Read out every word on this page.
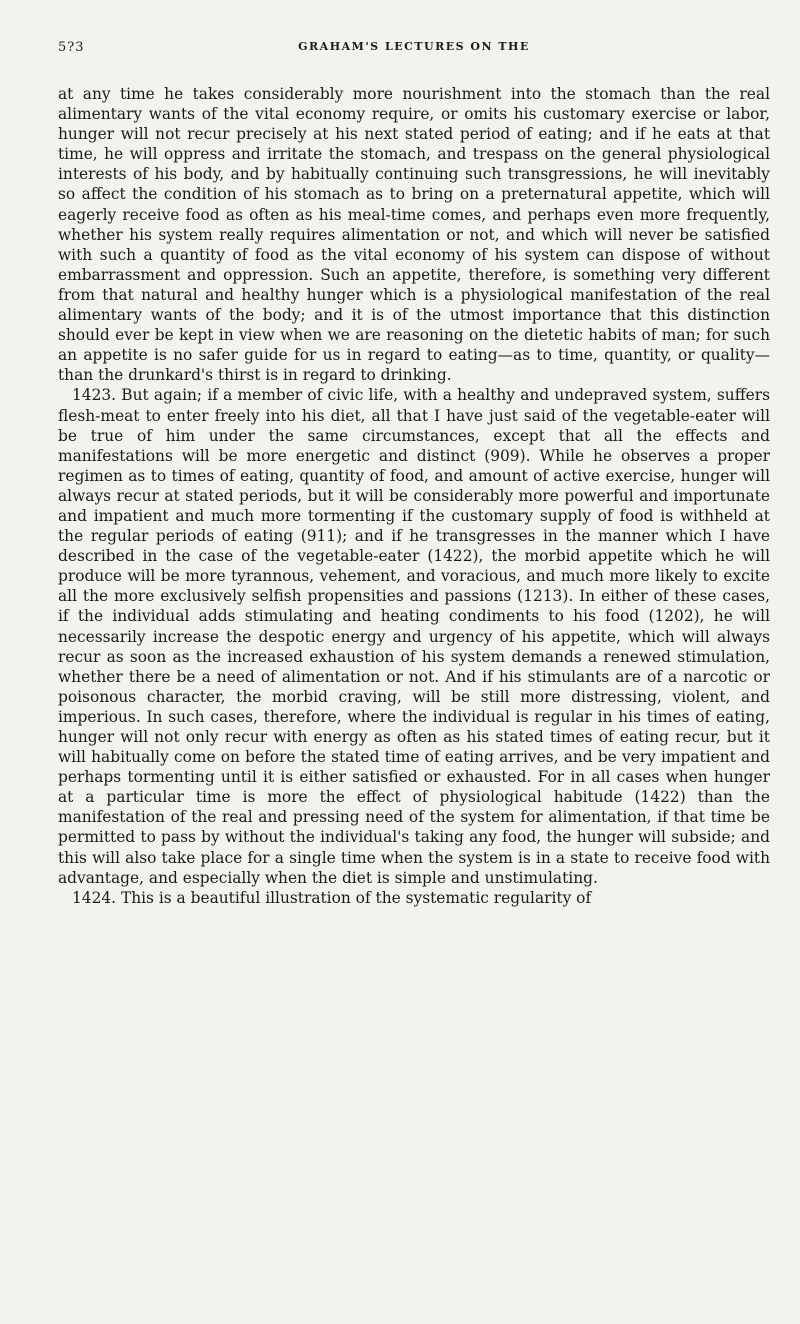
5?3	GRAHAM'S LECTURES ON THE

at any time he takes considerably more nourishment into the stomach than the real alimentary wants of the vital economy require, or omits his customary exercise or labor, hunger will not recur precisely at his next stated period of eating; and if he eats at that time, he will oppress and irritate the stomach, and trespass on the general physiological interests of his body, and by habitually continuing such transgressions, he will inevitably so affect the condition of his stomach as to bring on a preternatural appetite, which will eagerly receive food as often as his meal-time comes, and perhaps even more frequently, whether his system really requires alimentation or not, and which will never be satisfied with such a quantity of food as the vital economy of his system can dispose of without embarrassment and oppression. Such an appetite, therefore, is something very different from that natural and healthy hunger which is a physiological manifestation of the real alimentary wants of the body; and it is of the utmost importance that this distinction should ever be kept in view when we are reasoning on the dietetic habits of man; for such an appetite is no safer guide for us in regard to eating—as to time, quantity, or quality—than the drunkard's thirst is in regard to drinking.

1423. But again; if a member of civic life, with a healthy and undepraved system, suffers flesh-meat to enter freely into his diet, all that I have just said of the vegetable-eater will be true of him under the same circumstances, except that all the effects and manifestations will be more energetic and distinct (909). While he observes a proper regimen as to times of eating, quantity of food, and amount of active exercise, hunger will always recur at stated periods, but it will be considerably more powerful and importunate and impatient and much more tormenting if the customary supply of food is withheld at the regular periods of eating (911); and if he transgresses in the manner which I have described in the case of the vegetable-eater (1422), the morbid appetite which he will produce will be more tyrannous, vehement, and voracious, and much more likely to excite all the more exclusively selfish propensities and passions (1213). In either of these cases, if the individual adds stimulating and heating condiments to his food (1202), he will necessarily increase the despotic energy and urgency of his appetite, which will always recur as soon as the increased exhaustion of his system demands a renewed stimulation, whether there be a need of alimentation or not. And if his stimulants are of a narcotic or poisonous character, the morbid craving, will be still more distressing, violent, and imperious. In such cases, therefore, where the individual is regular in his times of eating, hunger will not only recur with energy as often as his stated times of eating recur, but it will habitually come on before the stated time of eating arrives, and be very impatient and perhaps tormenting until it is either satisfied or exhausted. For in all cases when hunger at a particular time is more the effect of physiological habitude (1422) than the manifestation of the real and pressing need of the system for alimentation, if that time be permitted to pass by without the individual's taking any food, the hunger will subside; and this will also take place for a single time when the system is in a state to receive food with advantage, and especially when the diet is simple and unstimulating.

1424. This is a beautiful illustration of the systematic regularity of
